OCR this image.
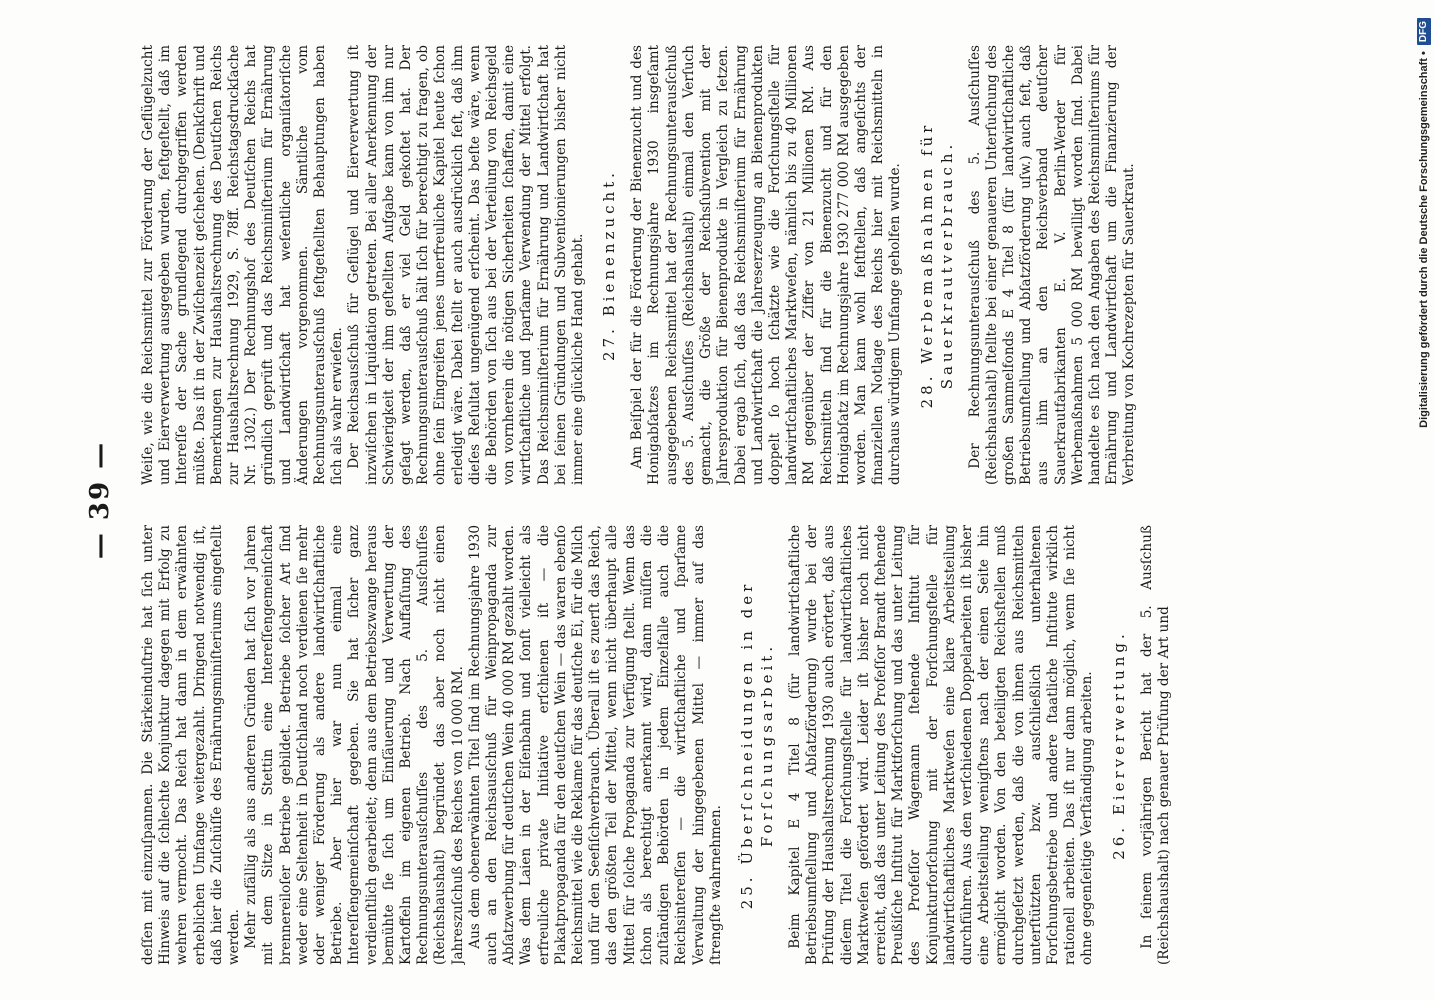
— 39 —

deſſen mit einzuſpannen. Die Stärkeinduſtrie hat ſich unter Hinweis auf die ſchlechte Konjunktur dagegen mit Erfolg zu wehren vermocht. Das Reich hat dann in dem erwähnten erheblichen Umfange weitergezahlt. Dringend notwendig iſt, daß hier die Zuſchüſſe des Ernährungsminiſteriums eingeſtellt werden. Mehr zufällig als aus anderen Gründen hat ſich vor Jahren mit dem Sitze in Stettin eine Intereſſengemeinſchaft brennereiloſer Betriebe gebildet. Betriebe ſolcher Art ſind weder eine Seltenheit in Deutſchland noch verdienen ſie mehr oder weniger Förderung als andere landwirtſchaftliche Betriebe. Aber hier war nun einmal eine Intereſſengemeinſchaft gegeben. Sie hat ſicher ganz verdienſtlich gearbeitet; denn aus dem Betriebszwange heraus bemühte ſie ſich um Einſäuerung und Verwertung der Kartoffeln im eigenen Betrieb. Nach Auffaſſung des Rechnungsunterausſchuſſes des 5. Ausſchuſſes (Reichshaushalt) begründet das aber noch nicht einen Jahreszuſchuß des Reiches von 10 000 RM. Aus dem obenerwähnten Titel ſind im Rechnungsjahre 1930 auch an den Reichsausſchuß für Weinpropaganda zur Abſatzwerbung für deutſchen Wein 40 000 RM gezahlt worden. Was dem Laien in der Eiſenbahn und ſonſt vielleicht als erfreuliche private Initiative erſchienen iſt — die Plakatpropaganda für den deutſchen Wein — das waren ebenſo Reichsmittel wie die Reklame für das deutſche Ei, für die Milch und für den Seefiſchverbrauch. Überall iſt es zuerſt das Reich, das den größten Teil der Mittel, wenn nicht überhaupt alle Mittel für ſolche Propaganda zur Verfügung ſtellt. Wenn das ſchon als berechtigt anerkannt wird, dann müſſen die zuſtändigen Behörden in jedem Einzelfalle auch die Reichsintereſſen — die wirtſchaftliche und ſparſame Verwaltung der hingegebenen Mittel — immer auf das ſtrengſte wahrnehmen. 25. Überſchneidungen in der Forſchungsarbeit. Beim Kapitel E 4 Titel 8 (für landwirtſchaftliche Betriebsumſtellung und Abſatzförderung) wurde bei der Prüfung der Haushaltsrechnung 1930 auch erörtert, daß aus dieſem Titel die Forſchungsſtelle für landwirtſchaftliches Marktweſen gefördert wird. Leider iſt bisher noch nicht erreicht, daß das unter Leitung des Profeſſor Brandt ſtehende Preußiſche Inſtitut für Marktforſchung und das unter Leitung des Profeſſor Wagemann ſtehende Inſtitut für Konjunkturforſchung mit der Forſchungsſtelle für landwirtſchaftliches Marktweſen eine klare Arbeitsteilung durchführen. Aus den verſchiedenen Doppelarbeiten iſt bisher eine Arbeitsteilung wenigſtens nach der einen Seite hin ermöglicht worden. Von den beteiligten Reichsſtellen muß durchgeſetzt werden, daß die von ihnen aus Reichsmitteln unterſtützten bzw. ausſchließlich unterhaltenen Forſchungsbetriebe und andere ſtaatliche Inſtitute wirklich rationell arbeiten. Das iſt nur dann möglich, wenn ſie nicht ohne gegenſeitige Verſtändigung arbeiten. 26. Eierverwertung. In ſeinem vorjährigen Bericht hat der 5. Ausſchuß (Reichshaushalt) nach genauer Prüfung der Art und

Weiſe, wie die Reichsmittel zur Förderung der Geflügelzucht und Eierverwertung ausgegeben wurden, feſtgeſtellt, daß im Intereſſe der Sache grundlegend durchgegriffen werden müßte. Das iſt in der Zwiſchenzeit geſchehen. (Denkſchrift und Bemerkungen zur Haushaltsrechnung des Deutſchen Reichs zur Haushaltsrechnung 1929, S. 78ff. Reichstagsdruckſache Nr. 1302.) Der Rechnungshof des Deutſchen Reichs hat gründlich geprüft und das Reichsminiſterium für Ernährung und Landwirtſchaft hat weſentliche organiſatoriſche Änderungen vorgenommen. Sämtliche vom Rechnungsunterausſchuß feſtgeſtellten Behauptungen haben ſich als wahr erwieſen. Der Reichsausſchuß für Geflügel und Eierverwertung iſt inzwiſchen in Liquidation getreten. Bei aller Anerkennung der Schwierigkeit der ihm geſtellten Aufgabe kann von ihm nur geſagt werden, daß er viel Geld gekoſtet hat. Der Rechnungsunterausſchuß hält ſich für berechtigt zu fragen, ob ohne ſein Eingreifen jenes unerfreuliche Kapitel heute ſchon erledigt wäre. Dabei ſtellt er auch ausdrücklich feſt, daß ihm dieſes Reſultat ungenügend erſcheint. Das beſte wäre, wenn die Behörden von ſich aus bei der Verteilung von Reichsgeld von vornherein die nötigen Sicherheiten ſchaffen, damit eine wirtſchaftliche und ſparſame Verwendung der Mittel erfolgt. Das Reichsminiſterium für Ernährung und Landwirtſchaft hat bei ſeinen Gründungen und Subventionierungen bisher nicht immer eine glückliche Hand gehabt. 27. Bienenzucht. Am Beiſpiel der für die Förderung der Bienenzucht und des Honigabſatzes im Rechnungsjahre 1930 insgeſamt ausgegebenen Reichsmittel hat der Rechnungsunterausſchuß des 5. Ausſchuſſes (Reichshaushalt) einmal den Verſuch gemacht, die Größe der Reichsſubvention mit der Jahresproduktion für Bienenprodukte in Vergleich zu ſetzen. Dabei ergab ſich, daß das Reichsminiſterium für Ernährung und Landwirtſchaft die Jahreserzeugung an Bienenprodukten doppelt ſo hoch ſchätzte wie die Forſchungsſtelle für landwirtſchaftliches Marktweſen, nämlich bis zu 40 Millionen RM gegenüber der Ziffer von 21 Millionen RM. Aus Reichsmitteln ſind für die Bienenzucht und für den Honigabſatz im Rechnungsjahre 1930 277 000 RM ausgegeben worden. Man kann wohl feſtſtellen, daß angeſichts der finanziellen Notlage des Reichs hier mit Reichsmitteln in durchaus würdigem Umfange geholfen wurde. 28. Werbemaßnahmen für Sauerkrautverbrauch. Der Rechnungsunterausſchuß des 5. Ausſchuſſes (Reichshaushalt) ſtellte bei einer genaueren Unterſuchung des großen Sammelfonds E 4 Titel 8 (für landwirtſchaftliche Betriebsumſtellung und Abſatzförderung uſw.) auch feſt, daß aus ihm an den Reichsverband deutſcher Sauerkrautfabrikanten E. V. Berlin-Werder für Werbemaßnahmen 5 000 RM bewilligt worden ſind. Dabei handelte es ſich nach den Angaben des Reichsminiſteriums für Ernährung und Landwirtſchaft um die Finanzierung der Verbreitung von Kochrezepten für Sauerkraut.	Digitalisierung gefördert durch die Deutsche Forschungsgemeinschaft •
DFG
